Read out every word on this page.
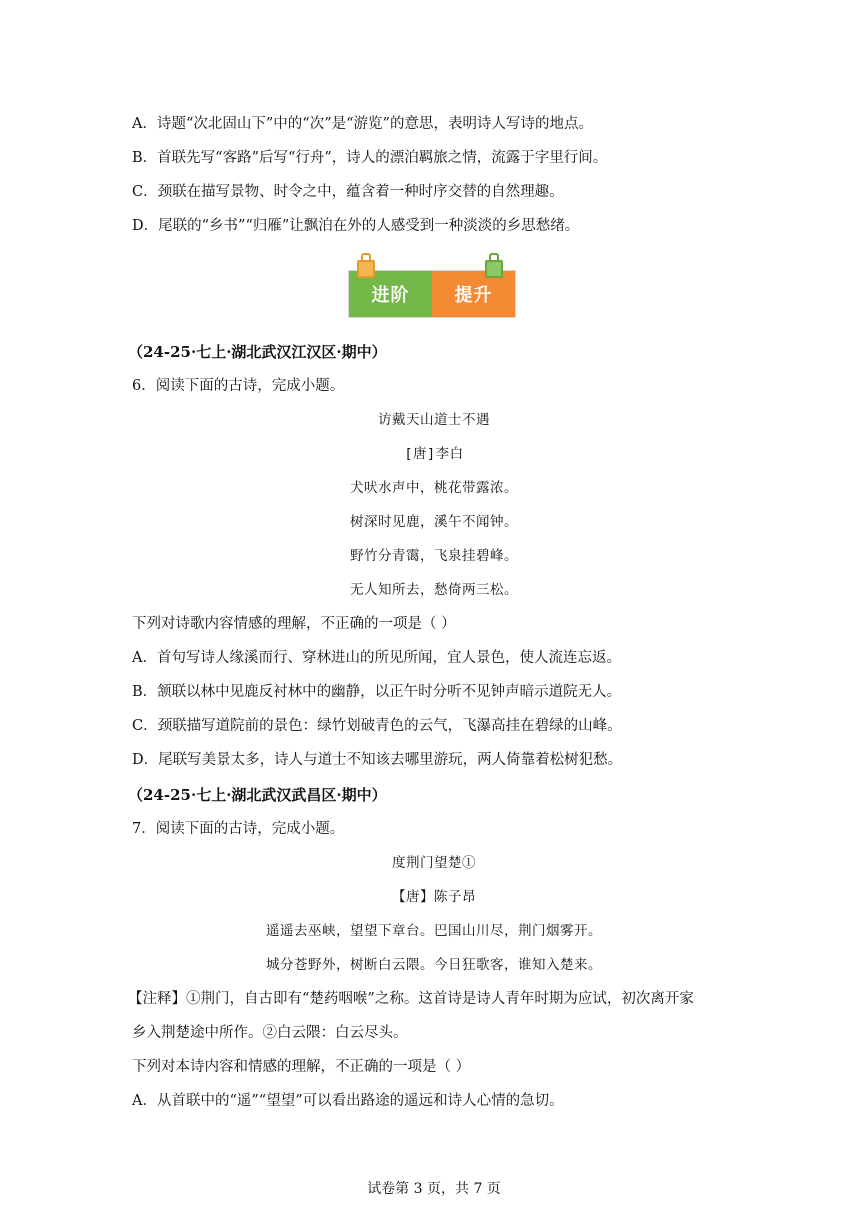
A．诗题“次北固山下”中的“次”是“游览”的意思，表明诗人写诗的地点。
B．首联先写“客路”后写“行舟”，诗人的漂泊羁旅之情，流露于字里行间。
C．颈联在描写景物、时令之中，蕴含着一种时序交替的自然理趣。
D．尾联的“乡书”“归雁”让飘泊在外的人感受到一种淡淡的乡思愁绪。
进阶	提升
（24-25·七上·湖北武汉江汉区·期中）
6．阅读下面的古诗，完成小题。
访戴天山道士不遇
[唐]李白
犬吠水声中，桃花带露浓。
树深时见鹿，溪午不闻钟。
野竹分青霭，飞泉挂碧峰。
无人知所去，愁倚两三松。
下列对诗歌内容情感的理解，不正确的一项是（ ）
A．首句写诗人缘溪而行、穿林进山的所见所闻，宜人景色，使人流连忘返。
B．颔联以林中见鹿反衬林中的幽静，以正午时分听不见钟声暗示道院无人。
C．颈联描写道院前的景色：绿竹划破青色的云气，飞瀑高挂在碧绿的山峰。
D．尾联写美景太多，诗人与道士不知该去哪里游玩，两人倚靠着松树犯愁。
（24-25·七上·湖北武汉武昌区·期中）
7．阅读下面的古诗，完成小题。
度荆门望楚①
【唐】陈子昂
遥遥去巫峡，望望下章台。巴国山川尽，荆门烟雾开。
城分苍野外，树断白云隈。今日狂歌客，谁知入楚来。
【注释】①荆门，自古即有“楚药咽喉”之称。这首诗是诗人青年时期为应试，初次离开家
乡入荆楚途中所作。②白云隈：白云尽头。
下列对本诗内容和情感的理解，不正确的一项是（ ）
A．从首联中的“遥”“望望”可以看出路途的遥远和诗人心情的急切。
试卷第 3 页，共 7 页
